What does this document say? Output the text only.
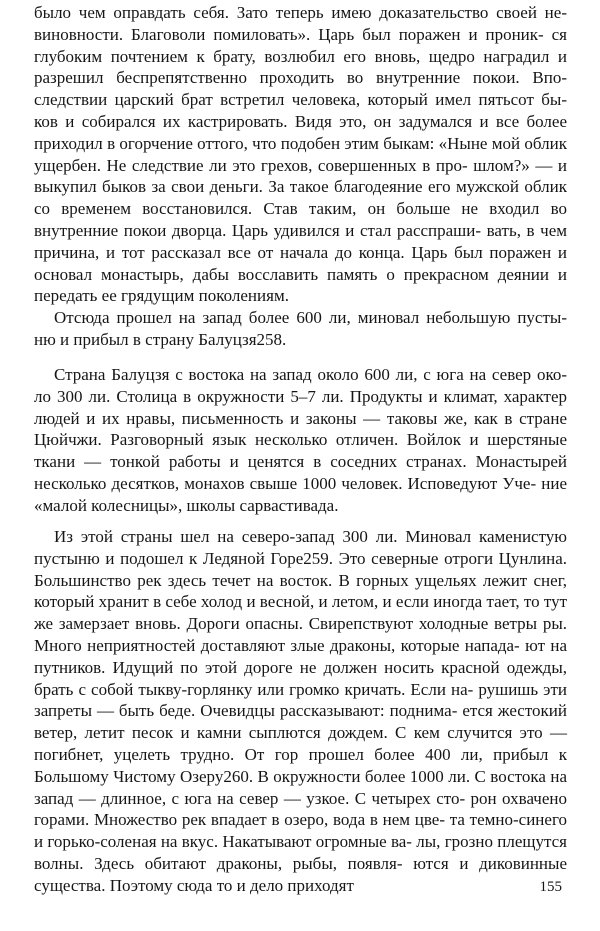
было чем оправдать себя. Зато теперь имею доказательство своей не- виновности. Благоволи помиловать». Царь был поражен и проник- ся глубоким почтением к брату, возлюбил его вновь, щедро наградил и разрешил беспрепятственно проходить во внутренние покои. Впо- следствии царский брат встретил человека, который имел пятьсот бы- ков и собирался их кастрировать. Видя это, он задумался и все более приходил в огорчение оттого, что подобен этим быкам: «Ныне мой облик ущербен. Не следствие ли это грехов, совершенных в про- шлом?» — и выкупил быков за свои деньги. За такое благодеяние его мужской облик со временем восстановился. Став таким, он больше не входил во внутренние покои дворца. Царь удивился и стал расспраши- вать, в чем причина, и тот рассказал все от начала до конца. Царь был поражен и основал монастырь, дабы восславить память о прекрасном деянии и передать ее грядущим поколениям.

Отсюда прошел на запад более 600 ли, миновал небольшую пусты- ню и прибыл в страну Балуцзя258.

Страна Балуцзя с востока на запад около 600 ли, с юга на север око- ло 300 ли. Столица в окружности 5–7 ли. Продукты и климат, характер людей и их нравы, письменность и законы — таковы же, как в стране Цюйчжи. Разговорный язык несколько отличен. Войлок и шерстяные ткани — тонкой работы и ценятся в соседних странах. Монастырей несколько десятков, монахов свыше 1000 человек. Исповедуют Уче- ние «малой колесницы», школы сарвастивада.

Из этой страны шел на северо-запад 300 ли. Миновал каменистую пустыню и подошел к Ледяной Горе259. Это северные отроги Цунлина. Большинство рек здесь течет на восток. В горных ущельях лежит снег, который хранит в себе холод и весной, и летом, и если иногда тает, то тут же замерзает вновь. Дороги опасны. Свирепствуют холодные ветры ры. Много неприятностей доставляют злые драконы, которые напада- ют на путников. Идущий по этой дороге не должен носить красной одежды, брать с собой тыкву-горлянку или громко кричать. Если на- рушишь эти запреты — быть беде. Очевидцы рассказывают: поднима- ется жестокий ветер, летит песок и камни сыплются дождем. С кем случится это — погибнет, уцелеть трудно. От гор прошел более 400 ли, прибыл к Большому Чистому Озеру260. В окружности более 1000 ли. С востока на запад — длинное, с юга на север — узкое. С четырех сто- рон охвачено горами. Множество рек впадает в озеро, вода в нем цве- та темно-синего и горько-соленая на вкус. Накатывают огромные ва- лы, грозно плещутся волны. Здесь обитают драконы, рыбы, появля- ются и диковинные существа. Поэтому сюда то и дело приходят	155
